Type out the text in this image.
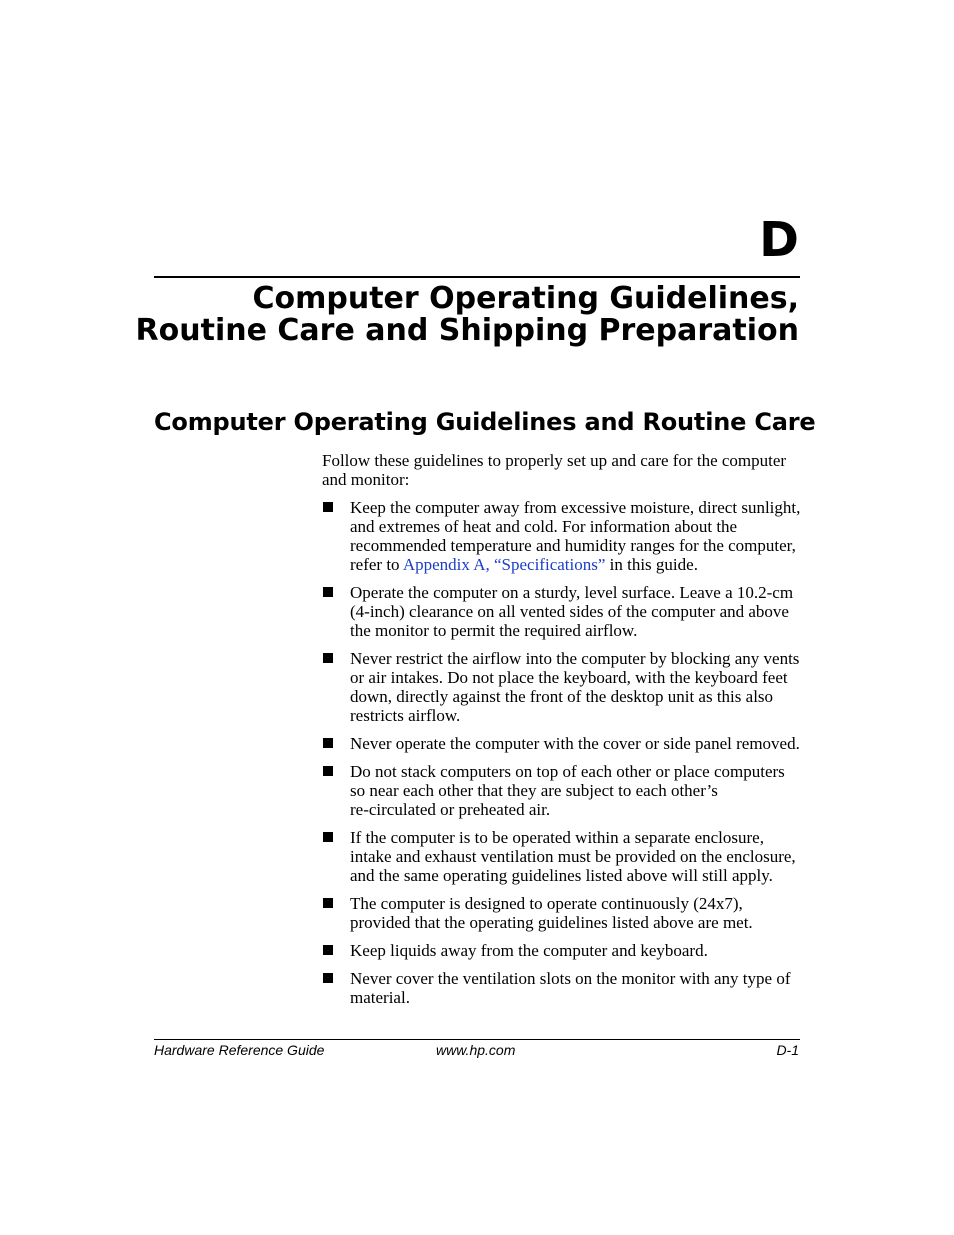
D
Computer Operating Guidelines,
Routine Care and Shipping Preparation
Computer Operating Guidelines and Routine Care

Follow these guidelines to properly set up and care for the computer
and monitor:

Keep the computer away from excessive moisture, direct sunlight,
and extremes of heat and cold. For information about the
recommended temperature and humidity ranges for the computer,
refer to Appendix A, “Specifications” in this guide.
Operate the computer on a sturdy, level surface. Leave a 10.2-cm
(4-inch) clearance on all vented sides of the computer and above
the monitor to permit the required airflow.
Never restrict the airflow into the computer by blocking any vents
or air intakes. Do not place the keyboard, with the keyboard feet
down, directly against the front of the desktop unit as this also
restricts airflow.
Never operate the computer with the cover or side panel removed.
Do not stack computers on top of each other or place computers
so near each other that they are subject to each other’s
re-circulated or preheated air.
If the computer is to be operated within a separate enclosure,
intake and exhaust ventilation must be provided on the enclosure,
and the same operating guidelines listed above will still apply.
The computer is designed to operate continuously (24x7),
provided that the operating guidelines listed above are met.
Keep liquids away from the computer and keyboard.
Never cover the ventilation slots on the monitor with any type of
material.
Hardware Reference Guide	www.hp.com	D-1
